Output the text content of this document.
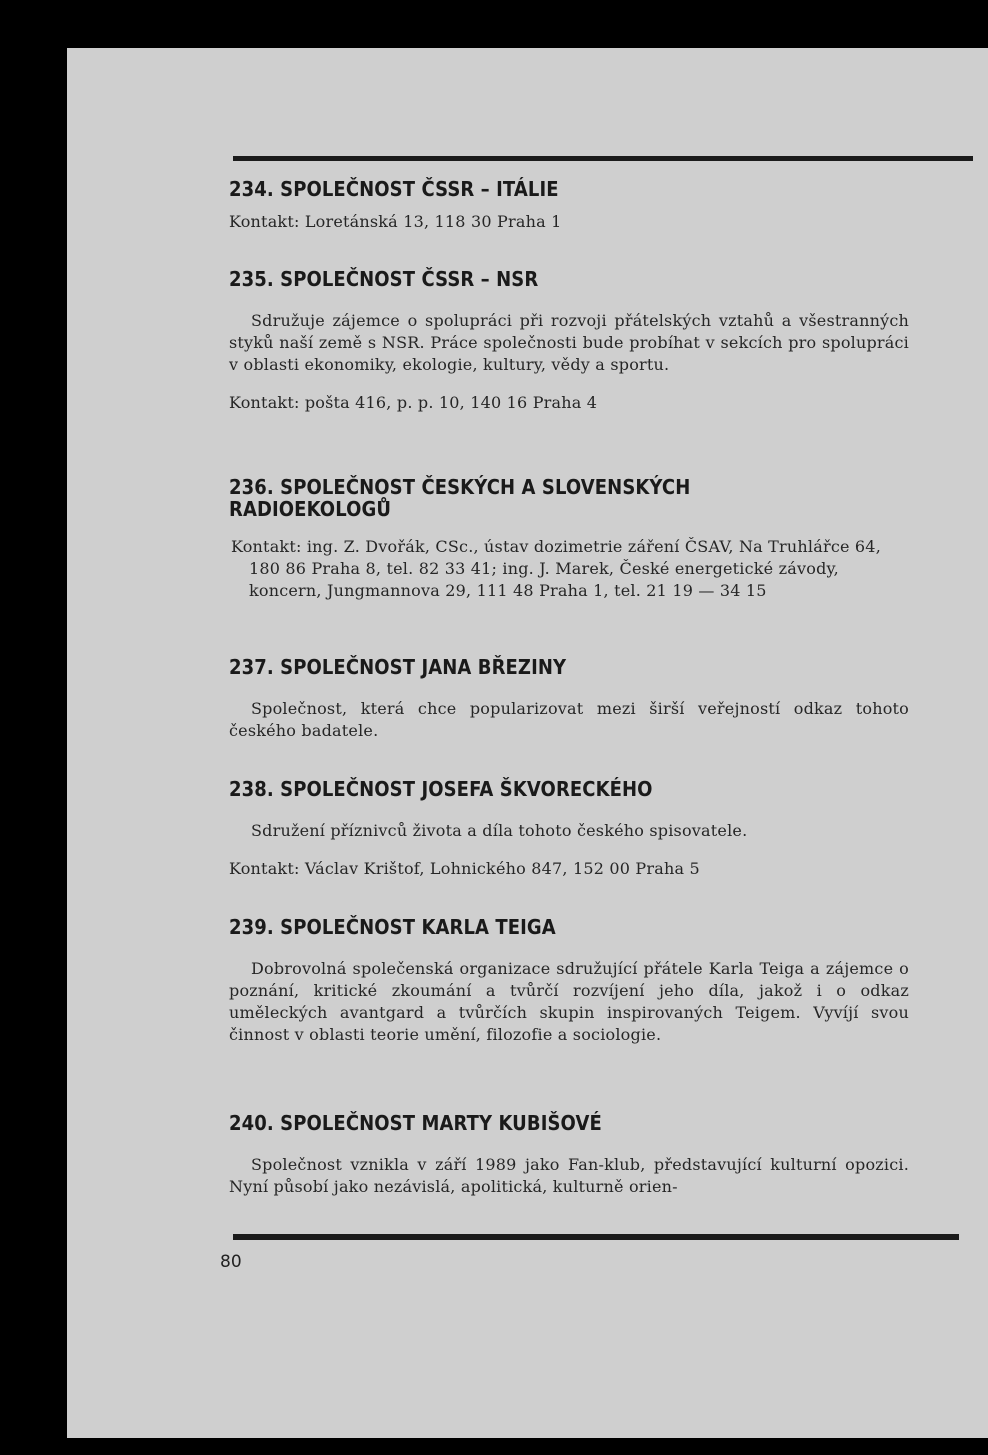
234. SPOLEČNOST ČSSR – ITÁLIE

Kontakt: Loretánská 13, 118 30 Praha 1

235. SPOLEČNOST ČSSR – NSR

Sdružuje zájemce o spolupráci při rozvoji přátelských vztahů a všestranných styků naší země s NSR. Práce společnosti bude probíhat v sekcích pro spolupráci v oblasti ekonomiky, ekologie, kultury, vědy a sportu.

Kontakt: pošta 416, p. p. 10, 140 16 Praha 4

236. SPOLEČNOST ČESKÝCH A SLOVENSKÝCH RADIOEKOLOGŮ

Kontakt: ing. Z. Dvořák, CSc., ústav dozimetrie záření ČSAV, Na Truhlářce 64, 180 86 Praha 8, tel. 82 33 41; ing. J. Marek, České energetické závody, koncern, Jungmannova 29, 111 48 Praha 1, tel. 21 19 — 34 15

237. SPOLEČNOST JANA BŘEZINY

Společnost, která chce popularizovat mezi širší veřejností odkaz tohoto českého badatele.

238. SPOLEČNOST JOSEFA ŠKVORECKÉHO

Sdružení příznivců života a díla tohoto českého spisovatele.

Kontakt: Václav Krištof, Lohnického 847, 152 00 Praha 5

239. SPOLEČNOST KARLA TEIGA

Dobrovolná společenská organizace sdružující přátele Karla Teiga a zájemce o poznání, kritické zkoumání a tvůrčí rozvíjení jeho díla, jakož i o odkaz uměleckých avantgard a tvůrčích skupin inspirovaných Teigem. Vyvíjí svou činnost v oblasti teorie umění, filozofie a sociologie.

240. SPOLEČNOST MARTY KUBIŠOVÉ

Společnost vznikla v září 1989 jako Fan-klub, představující kulturní opozici. Nyní působí jako nezávislá, apolitická, kulturně orien-

80
